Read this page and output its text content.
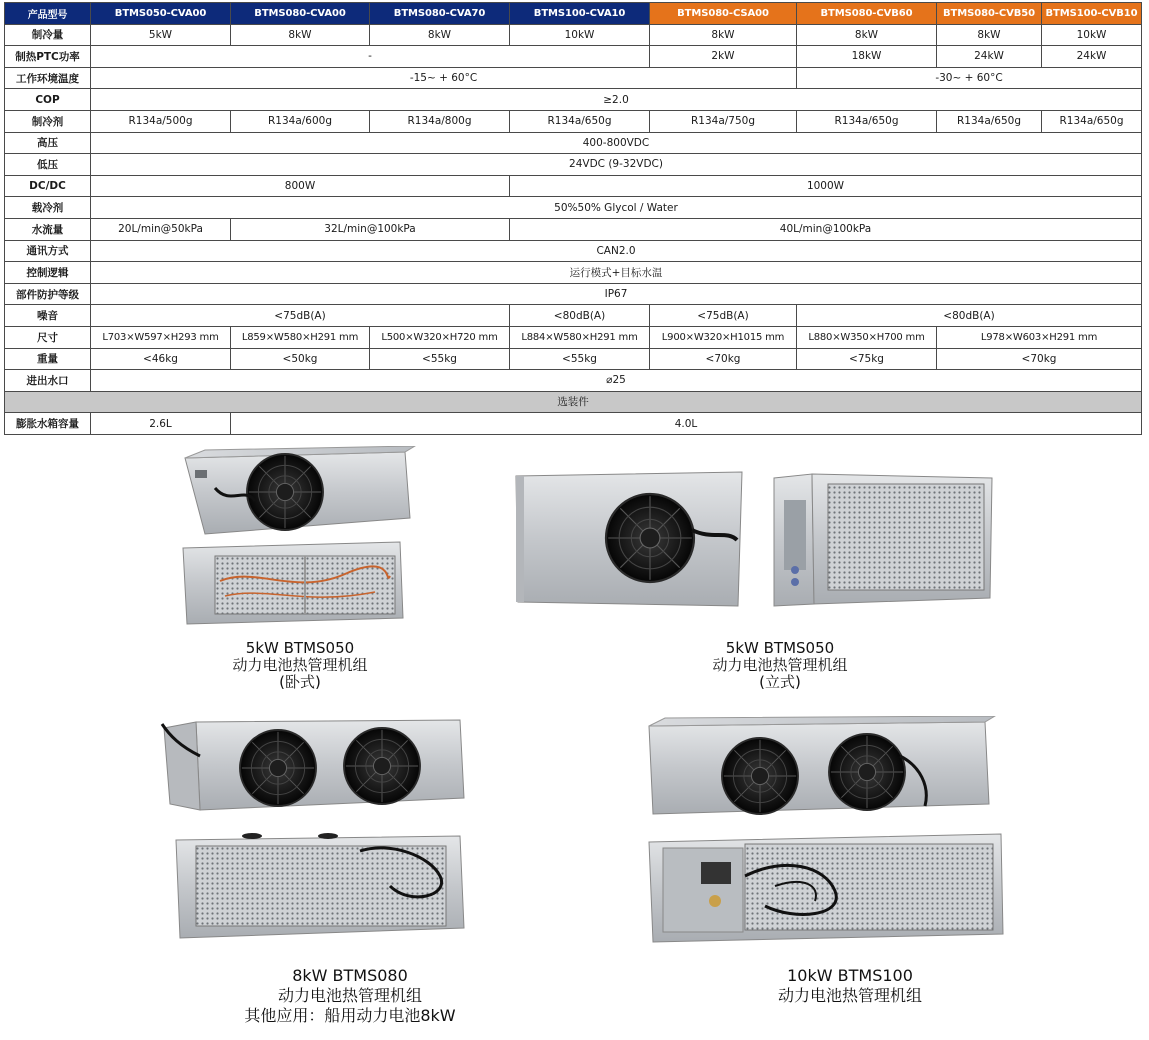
产品型号	BTMS050-CVA00	BTMS080-CVA00	BTMS080-CVA70	BTMS100-CVA10	BTMS080-CSA00	BTMS080-CVB60	BTMS080-CVB50	BTMS100-CVB10
制冷量	5kW	8kW	8kW	10kW	8kW	8kW	8kW	10kW
制热PTC功率	-				2kW	18kW	24kW	24kW
工作环境温度	-15~ + 60°C					-30~ + 60°C		
COP	≥2.0							
制冷剂	R134a/500g	R134a/600g	R134a/800g	R134a/650g	R134a/750g	R134a/650g	R134a/650g	R134a/650g
高压	400-800VDC							
低压	24VDC (9-32VDC)							
DC/DC	800W			1000W				
载冷剂	50%50% Glycol / Water							
水流量	20L/min@50kPa	32L/min@100kPa		40L/min@100kPa				
通讯方式	CAN2.0							
控制逻辑	运行模式+目标水温							
部件防护等级	IP67							
噪音	<75dB(A)			<80dB(A)	<75dB(A)	<80dB(A)		
尺寸	L703×W597×H293 mm	L859×W580×H291 mm	L500×W320×H720 mm	L884×W580×H291 mm	L900×W320×H1015 mm	L880×W350×H700 mm	L978×W603×H291 mm	
重量	<46kg	<50kg	<55kg	<55kg	<70kg	<75kg	<70kg	
进出水口	⌀25							
选装件								
膨胀水箱容量	2.6L	4.0L						
5kW BTMS050
动力电池热管理机组
(卧式)
5kW BTMS050
动力电池热管理机组
(立式)
8kW BTMS080
动力电池热管理机组
其他应用：船用动力电池8kW
10kW BTMS100
动力电池热管理机组
